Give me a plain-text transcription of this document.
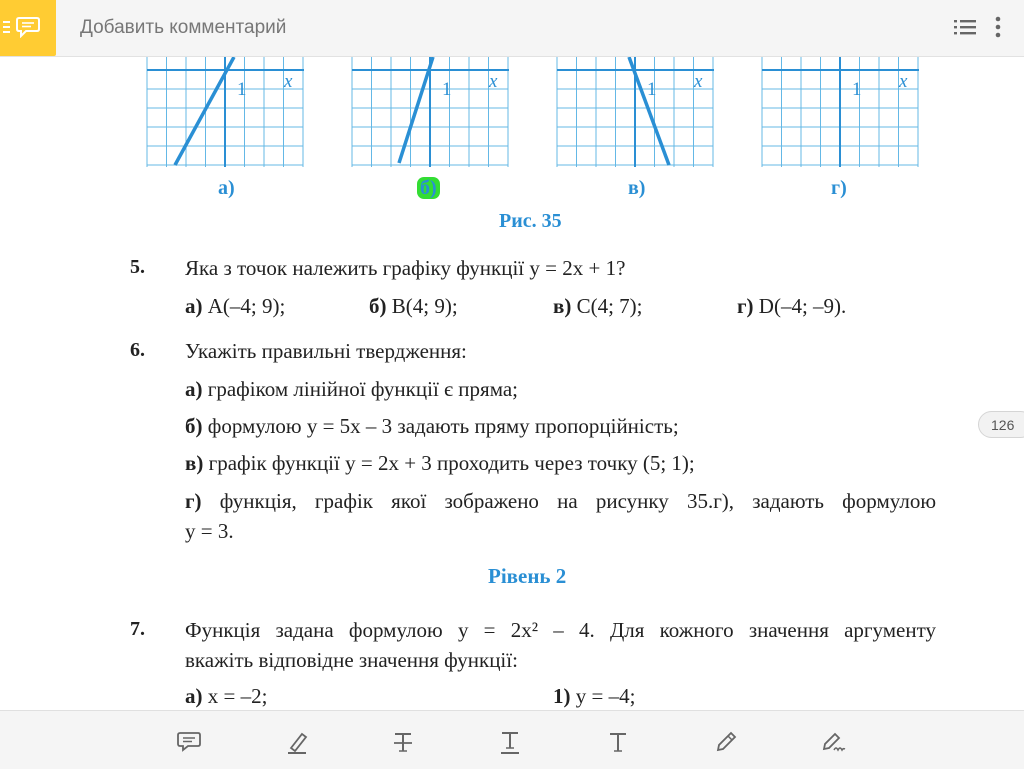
Добавить комментарий
x
1	x
1	x
1	x
1
а)	б)	в)	г)
Рис. 35
5. Яка з точок належить графіку функції y = 2x + 1?
а) A(–4; 9);	б) B(4; 9);	в) C(4; 7);	г) D(–4; –9).
6. Укажіть правильні твердження:
а) графіком лінійної функції є пряма;
б) формулою y = 5x – 3 задають пряму пропорційність;
в) графік функції y = 2x + 3 проходить через точку (5; 1);
г) функція, графік якої зображено на рисунку 35.г), задають формулою
y = 3.
Рівень 2
7. Функція задана формулою y = 2x² – 4. Для кожного значення аргументу
вкажіть відповідне значення функції:
а) x = –2;	1) y = –4;
126
